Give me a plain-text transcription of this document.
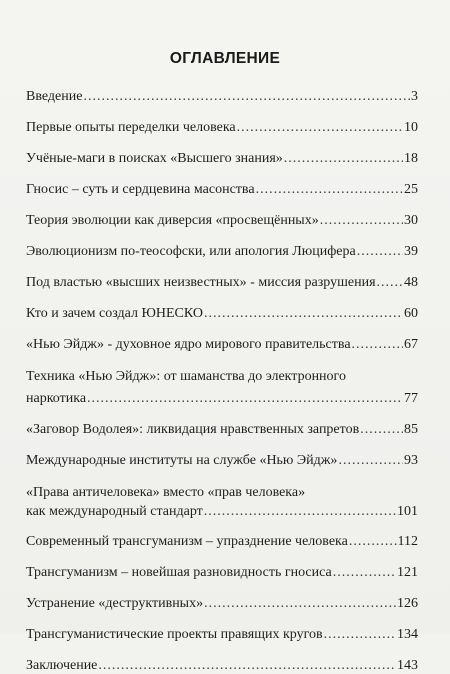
ОГЛАВЛЕНИЕ
Введение .....	3
Первые опыты переделки человека .....	10
Учёные-маги в поисках «Высшего знания» .....	18
Гносис – суть и сердцевина масонства .....	25
Теория эволюции как диверсия «просвещённых» .....	30
Эволюционизм по-теософски, или апология Люцифера .....	39
Под властью «высших неизвестных» - миссия разрушения ..... 48
Кто и зачем создал ЮНЕСКО .....	60
«Нью Эйдж» - духовное ядро мирового правительства .....	67
Техника «Нью Эйдж»: от шаманства до электронного
наркотика .....	77
«Заговор Водолея»: ликвидация нравственных запретов .....	85
Международные институты на службе «Нью Эйдж» .....	93
«Права античеловека» вместо «прав человека»
как международный стандарт .....	101
Современный трансгуманизм – упразднение человека .....	112
Трансгуманизм – новейшая разновидность гносиса .....	121
Устранение «деструктивных» .....	126
Трансгуманистические проекты правящих кругов .....	134
Заключение .....	143
